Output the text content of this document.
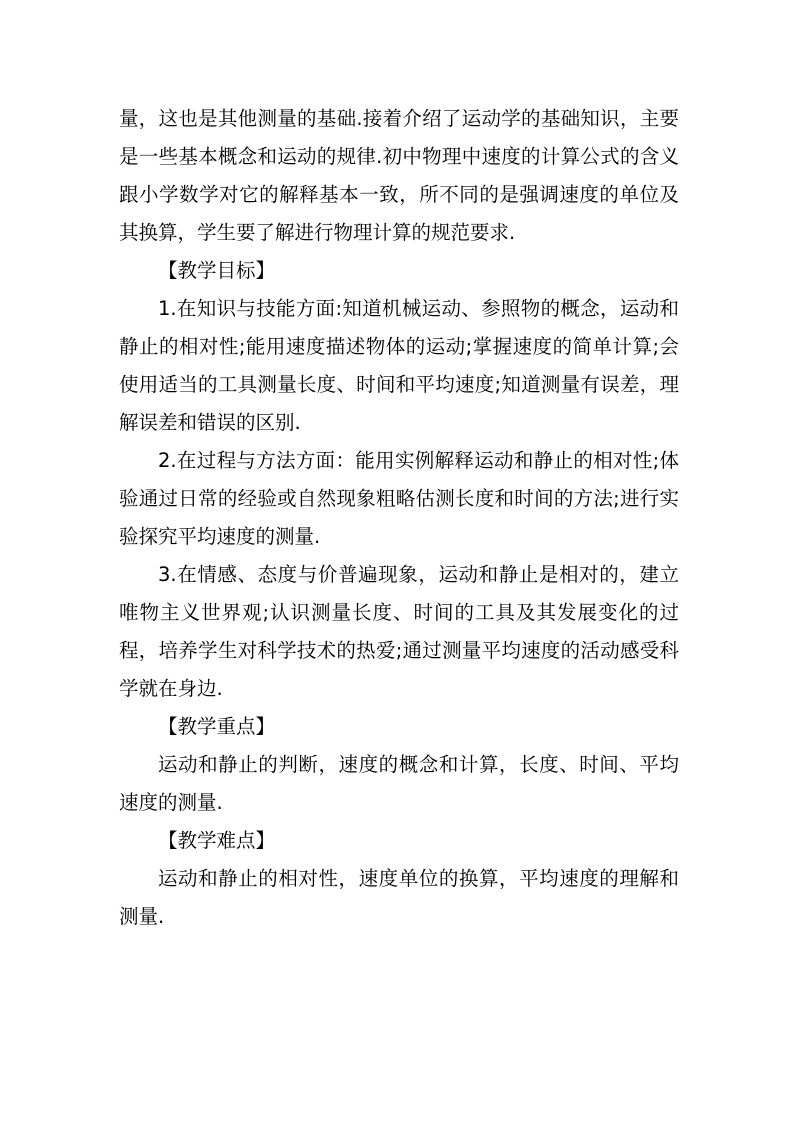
量，这也是其他测量的基础.接着介绍了运动学的基础知识，主要是一些基本概念和运动的规律.初中物理中速度的计算公式的含义跟小学数学对它的解释基本一致，所不同的是强调速度的单位及其换算，学生要了解进行物理计算的规范要求.

【教学目标】

1.在知识与技能方面:知道机械运动、参照物的概念，运动和静止的相对性;能用速度描述物体的运动;掌握速度的简单计算;会使用适当的工具测量长度、时间和平均速度;知道测量有误差，理解误差和错误的区别.

2.在过程与方法方面：能用实例解释运动和静止的相对性;体验通过日常的经验或自然现象粗略估测长度和时间的方法;进行实验探究平均速度的测量.

3.在情感、态度与价普遍现象，运动和静止是相对的，建立唯物主义世界观;认识测量长度、时间的工具及其发展变化的过程，培养学生对科学技术的热爱;通过测量平均速度的活动感受科学就在身边.

【教学重点】

运动和静止的判断，速度的概念和计算，长度、时间、平均速度的测量.

【教学难点】

运动和静止的相对性，速度单位的换算，平均速度的理解和测量.
